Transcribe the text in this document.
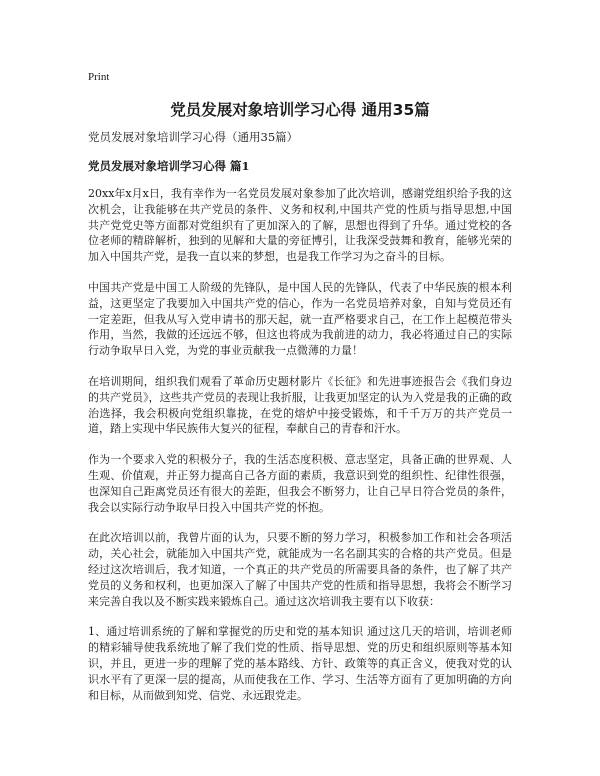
Print
党员发展对象培训学习心得 通用35篇
党员发展对象培训学习心得（通用35篇）
党员发展对象培训学习心得 篇1

20xx年x月x日，我有幸作为一名党员发展对象参加了此次培训，感谢党组织给予我的这次机会，让我能够在共产党员的条件、义务和权利,中国共产党的性质与指导思想,中国共产党党史等方面都对党组织有了更加深入的了解，思想也得到了升华。通过党校的各位老师的精辟解析，独到的见解和大量的旁征博引，让我深受鼓舞和教育，能够光荣的加入中国共产党，是我一直以来的梦想，也是我工作学习为之奋斗的目标。

中国共产党是中国工人阶级的先锋队，是中国人民的先锋队，代表了中华民族的根本利益，这更坚定了我要加入中国共产党的信心，作为一名党员培养对象，自知与党员还有一定差距，但我从写入党申请书的那天起，就一直严格要求自己，在工作上起模范带头作用，当然，我做的还远远不够，但这也将成为我前进的动力，我必将通过自己的实际行动争取早日入党，为党的事业贡献我一点微薄的力量！

在培训期间，组织我们观看了革命历史题材影片《长征》和先进事迹报告会《我们身边的共产党员》，这些共产党员的表现让我折服，让我更加坚定的认为入党是我的正确的政治选择，我会积极向党组织靠拢，在党的熔炉中接受锻炼，和千千万万的共产党员一道，踏上实现中华民族伟大复兴的征程，奉献自己的青春和汗水。

作为一个要求入党的积极分子，我的生活态度积极、意志坚定，具备正确的世界观、人生观、价值观，并正努力提高自己各方面的素质，我意识到党的组织性、纪律性很强，也深知自己距离党员还有很大的差距，但我会不断努力，让自己早日符合党员的条件，我会以实际行动争取早日投入中国共产党的怀抱。

在此次培训以前，我曾片面的认为，只要不断的努力学习，积极参加工作和社会各项活动，关心社会，就能加入中国共产党，就能成为一名名副其实的合格的共产党员。但是经过这次培训后，我才知道，一个真正的共产党员的所需要具备的条件，也了解了共产党员的义务和权利，也更加深入了解了中国共产党的性质和指导思想，我将会不断学习来完善自我以及不断实践来锻炼自己。通过这次培训我主要有以下收获：

1、通过培训系统的了解和掌握党的历史和党的基本知识 通过这几天的培训，培训老师的精彩辅导使我系统地了解了我们党的性质、指导思想、党的历史和组织原则等基本知识，并且，更进一步的理解了党的基本路线、方针、政策等的真正含义，使我对党的认识水平有了更深一层的提高，从而使我在工作、学习、生活等方面有了更加明确的方向和目标，从而做到知党、信党、永远跟党走。
